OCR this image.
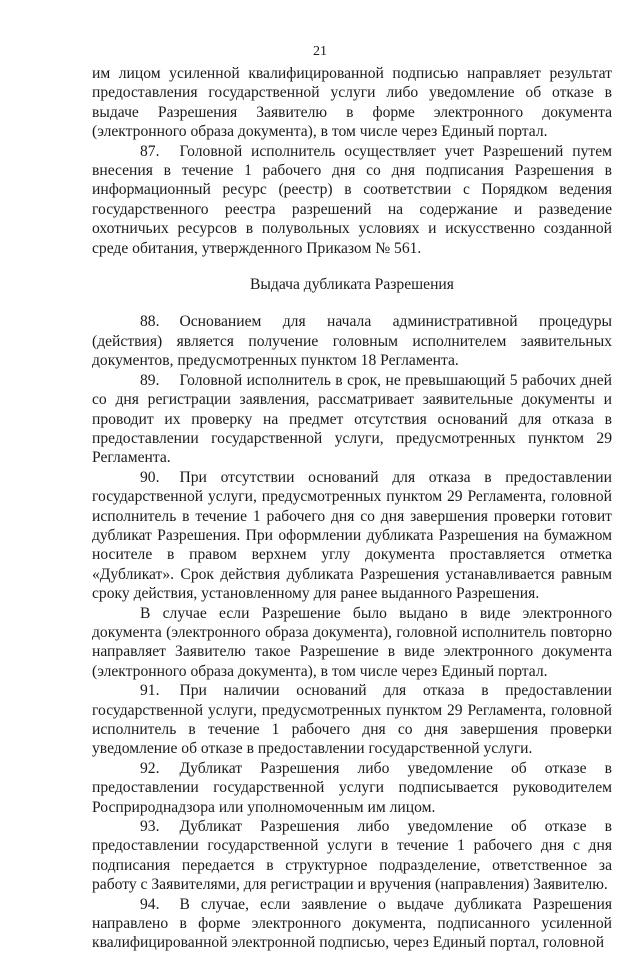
21

им лицом усиленной квалифицированной подписью направляет результат предоставления государственной услуги либо уведомление об отказе в выдаче Разрешения Заявителю в форме электронного документа (электронного образа документа), в том числе через Единый портал.

87. Головной исполнитель осуществляет учет Разрешений путем внесения в течение 1 рабочего дня со дня подписания Разрешения в информационный ресурс (реестр) в соответствии с Порядком ведения государственного реестра разрешений на содержание и разведение охотничьих ресурсов в полувольных условиях и искусственно созданной среде обитания, утвержденного Приказом № 561.

Выдача дубликата Разрешения

88. Основанием для начала административной процедуры (действия) является получение головным исполнителем заявительных документов, предусмотренных пунктом 18 Регламента.

89. Головной исполнитель в срок, не превышающий 5 рабочих дней со дня регистрации заявления, рассматривает заявительные документы и проводит их проверку на предмет отсутствия оснований для отказа в предоставлении государственной услуги, предусмотренных пунктом 29 Регламента.

90. При отсутствии оснований для отказа в предоставлении государственной услуги, предусмотренных пунктом 29 Регламента, головной исполнитель в течение 1 рабочего дня со дня завершения проверки готовит дубликат Разрешения. При оформлении дубликата Разрешения на бумажном носителе в правом верхнем углу документа проставляется отметка «Дубликат». Срок действия дубликата Разрешения устанавливается равным сроку действия, установленному для ранее выданного Разрешения.

В случае если Разрешение было выдано в виде электронного документа (электронного образа документа), головной исполнитель повторно направляет Заявителю такое Разрешение в виде электронного документа (электронного образа документа), в том числе через Единый портал.

91. При наличии оснований для отказа в предоставлении государственной услуги, предусмотренных пунктом 29 Регламента, головной исполнитель в течение 1 рабочего дня со дня завершения проверки уведомление об отказе в предоставлении государственной услуги.

92. Дубликат Разрешения либо уведомление об отказе в предоставлении государственной услуги подписывается руководителем Росприроднадзора или уполномоченным им лицом.

93. Дубликат Разрешения либо уведомление об отказе в предоставлении государственной услуги в течение 1 рабочего дня с дня подписания передается в структурное подразделение, ответственное за работу с Заявителями, для регистрации и вручения (направления) Заявителю.

94. В случае, если заявление о выдаче дубликата Разрешения направлено в форме электронного документа, подписанного усиленной квалифицированной электронной подписью, через Единый портал, головной
